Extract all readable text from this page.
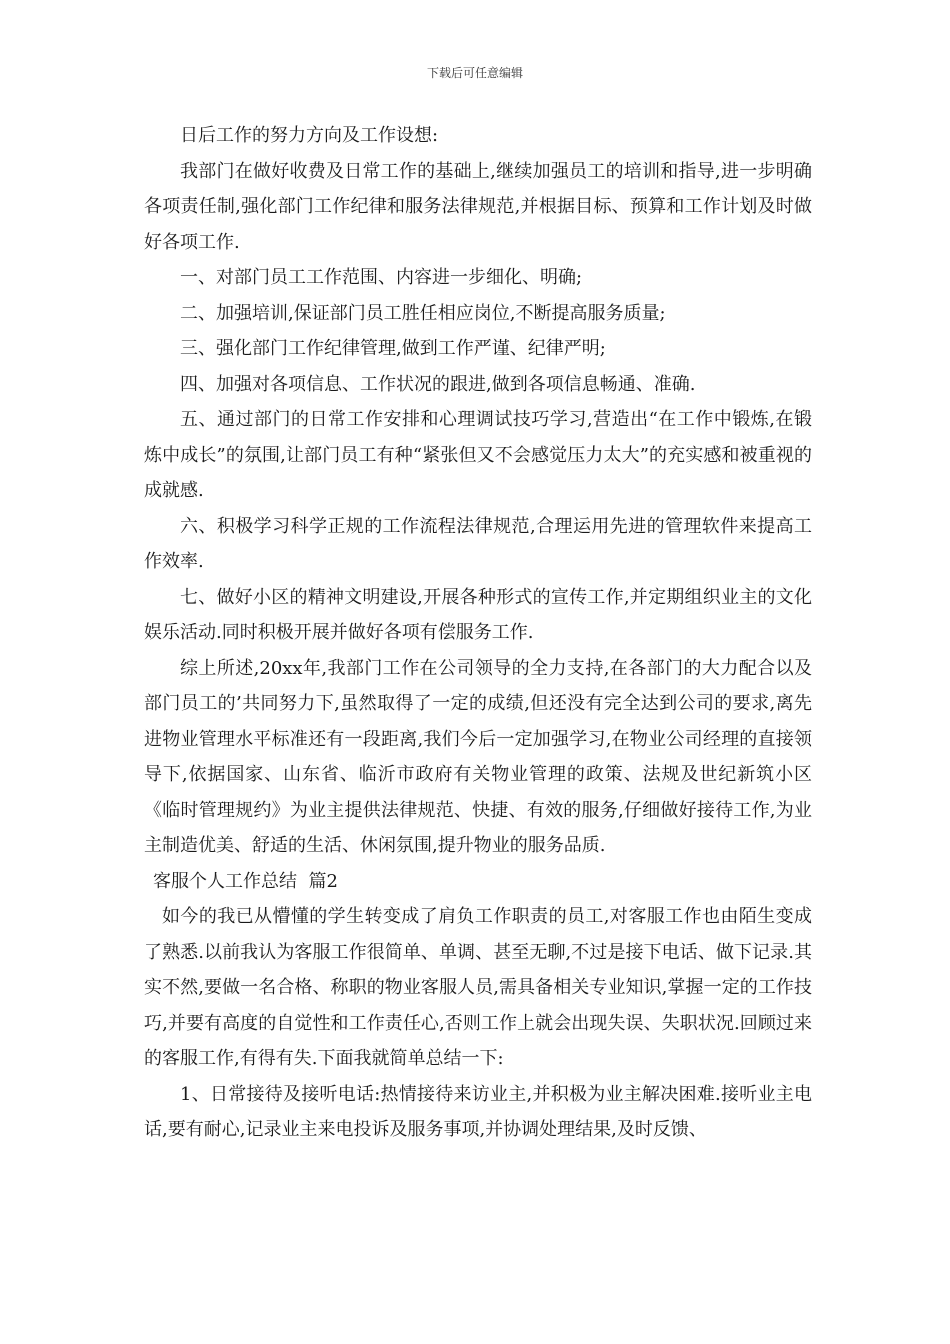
下载后可任意编辑

日后工作的努力方向及工作设想:

我部门在做好收费及日常工作的基础上,继续加强员工的培训和指导,进一步明确各项责任制,强化部门工作纪律和服务法律规范,并根据目标、预算和工作计划及时做好各项工作.

一、对部门员工工作范围、内容进一步细化、明确;

二、加强培训,保证部门员工胜任相应岗位,不断提高服务质量;

三、强化部门工作纪律管理,做到工作严谨、纪律严明;

四、加强对各项信息、工作状况的跟进,做到各项信息畅通、准确.

五、通过部门的日常工作安排和心理调试技巧学习,营造出“在工作中锻炼,在锻炼中成长”的氛围,让部门员工有种“紧张但又不会感觉压力太大”的充实感和被重视的成就感.

六、积极学习科学正规的工作流程法律规范,合理运用先进的管理软件来提高工作效率.

七、做好小区的精神文明建设,开展各种形式的宣传工作,并定期组织业主的文化娱乐活动.同时积极开展并做好各项有偿服务工作.

综上所述,20xx年,我部门工作在公司领导的全力支持,在各部门的大力配合以及部门员工的’共同努力下,虽然取得了一定的成绩,但还没有完全达到公司的要求,离先进物业管理水平标准还有一段距离,我们今后一定加强学习,在物业公司经理的直接领导下,依据国家、山东省、临沂市政府有关物业管理的政策、法规及世纪新筑小区《临时管理规约》为业主提供法律规范、快捷、有效的服务,仔细做好接待工作,为业主制造优美、舒适的生活、休闲氛围,提升物业的服务品质.

客服个人工作总结  篇2

如今的我已从懵懂的学生转变成了肩负工作职责的员工,对客服工作也由陌生变成了熟悉.以前我认为客服工作很简单、单调、甚至无聊,不过是接下电话、做下记录.其实不然,要做一名合格、称职的物业客服人员,需具备相关专业知识,掌握一定的工作技巧,并要有高度的自觉性和工作责任心,否则工作上就会出现失误、失职状况.回顾过来的客服工作,有得有失.下面我就简单总结一下:

1、日常接待及接听电话:热情接待来访业主,并积极为业主解决困难.接听业主电话,要有耐心,记录业主来电投诉及服务事项,并协调处理结果,及时反馈、
